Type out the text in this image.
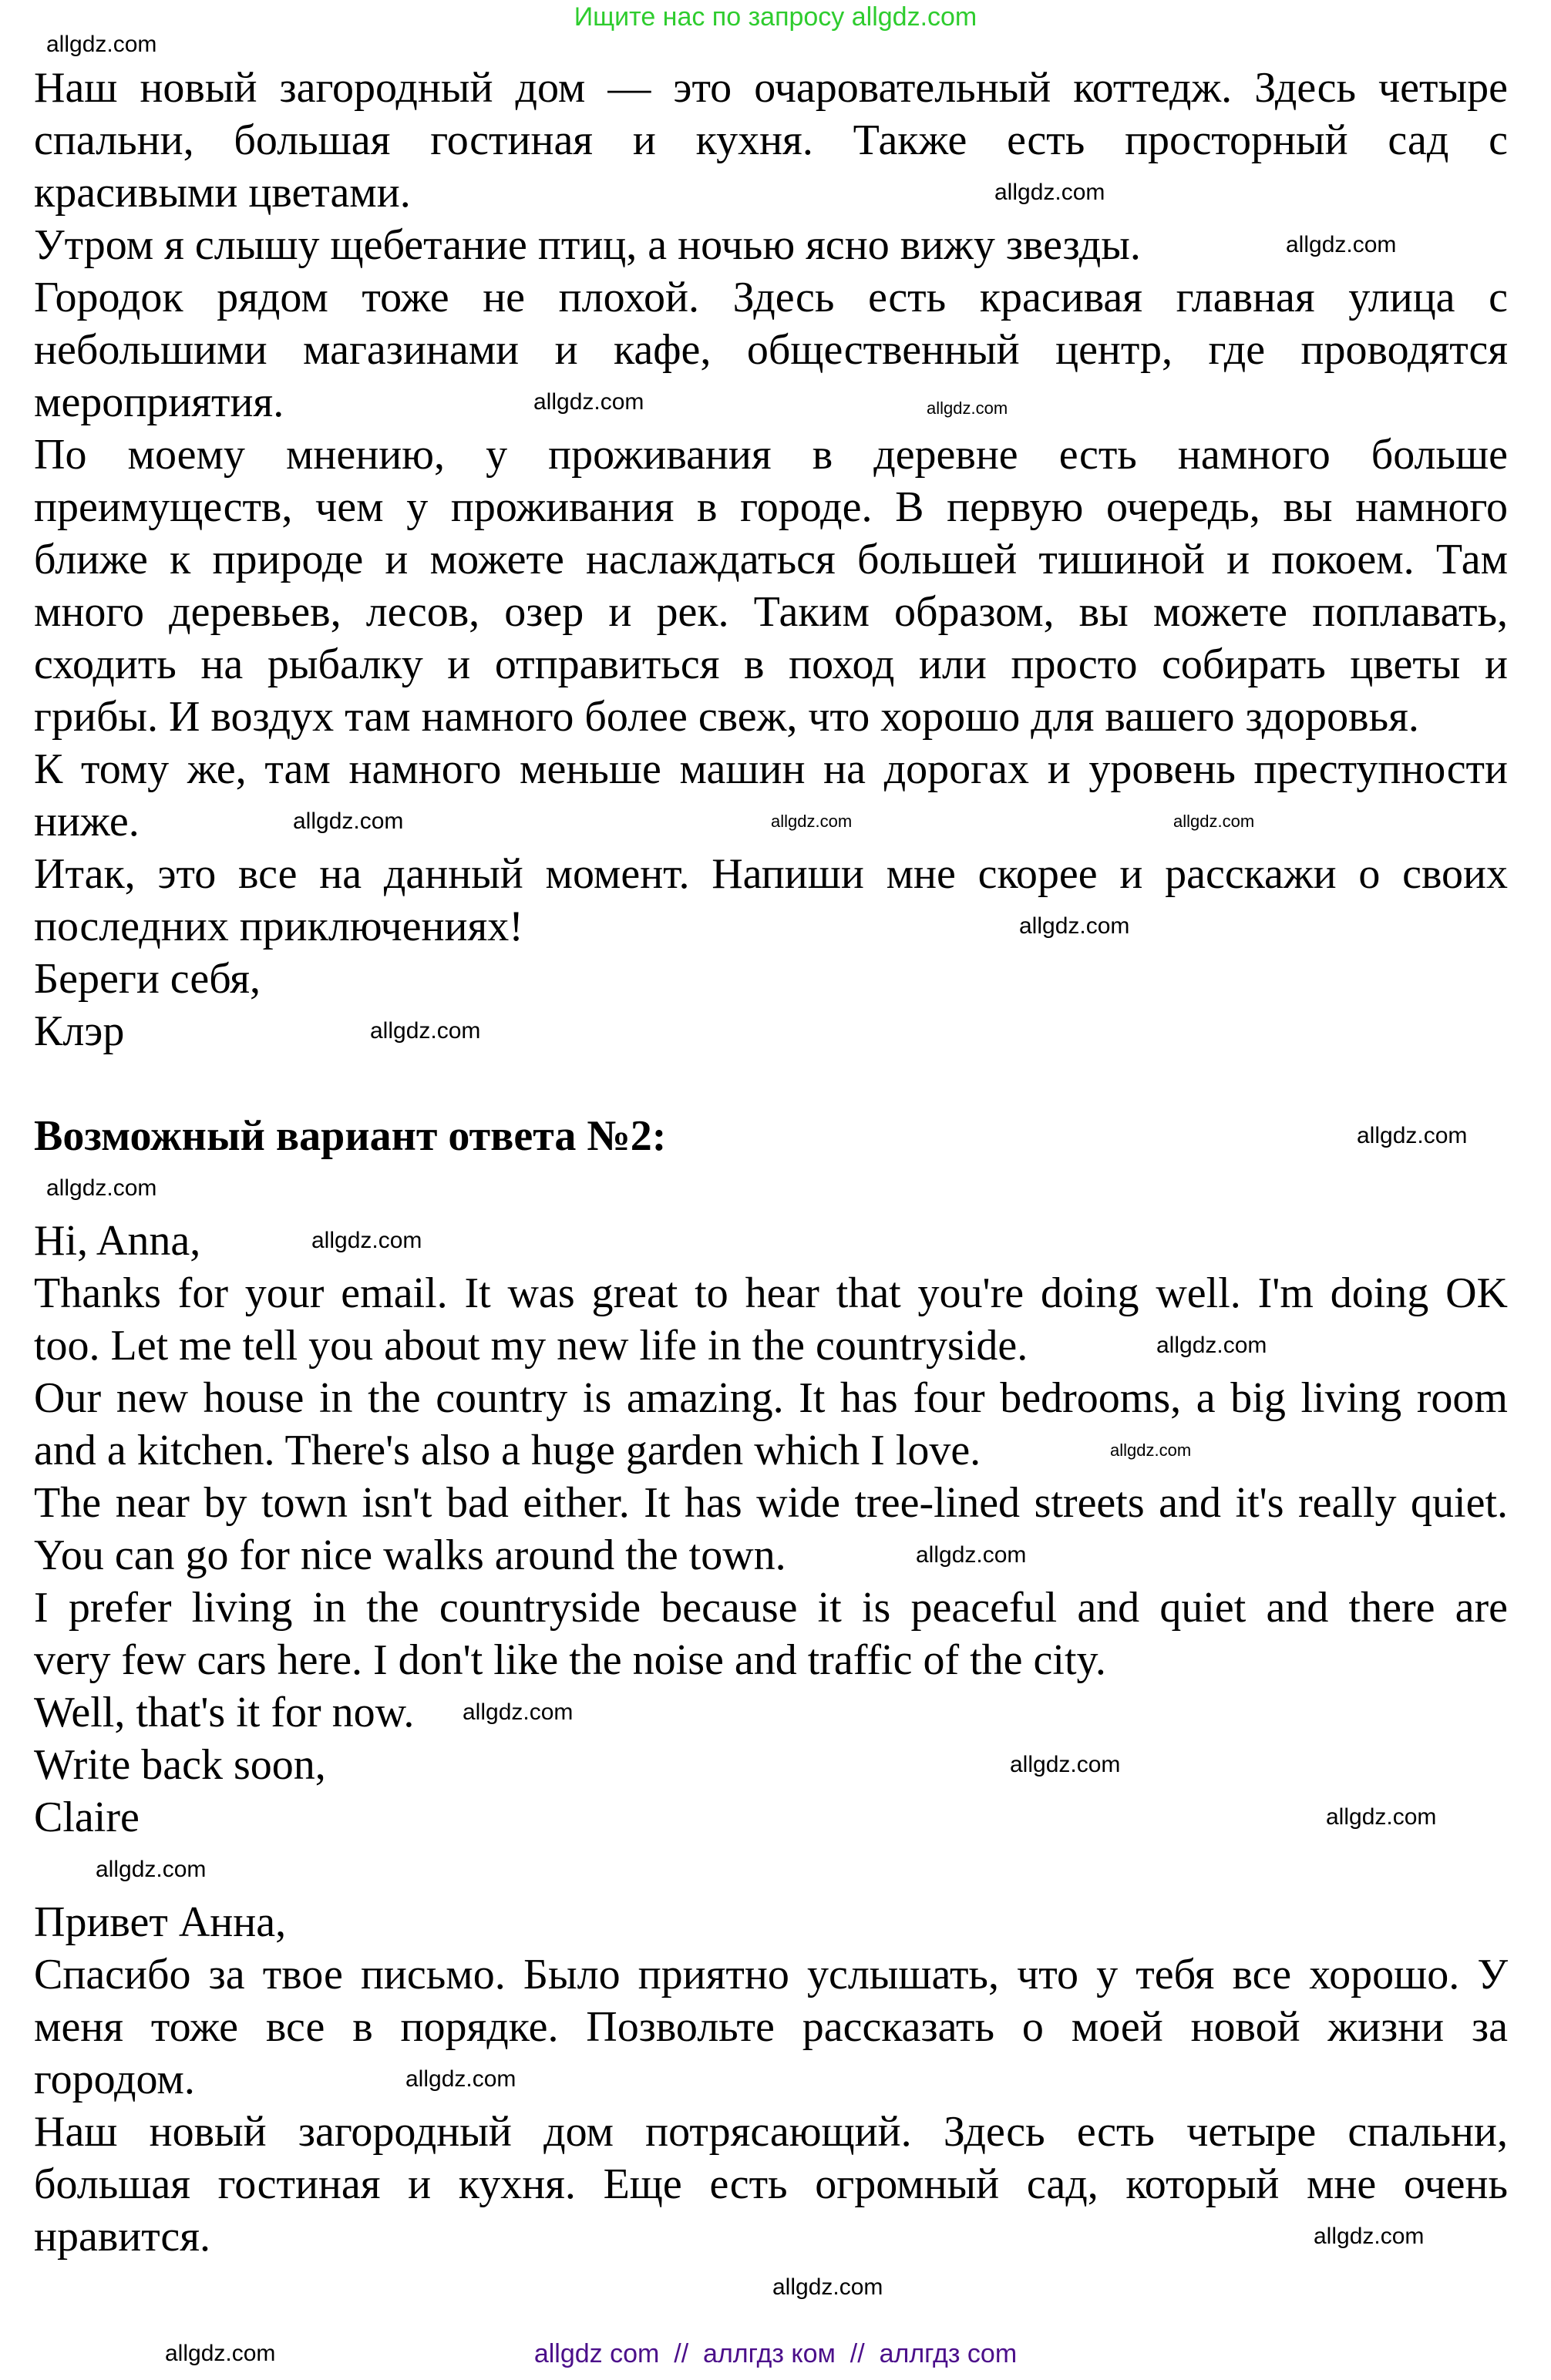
Ищите нас по запросу allgdz.com
Наш новый загородный дом — это очаровательный коттедж. Здесь четыре
спальни, большая гостиная и кухня. Также есть просторный сад с
красивыми цветами.
Утром я слышу щебетание птиц, а ночью ясно вижу звезды.
Городок рядом тоже не плохой. Здесь есть красивая главная улица с
небольшими магазинами и кафе, общественный центр, где проводятся
мероприятия.
По моему мнению, у проживания в деревне есть намного больше
преимуществ, чем у проживания в городе. В первую очередь, вы намного
ближе к природе и можете наслаждаться большей тишиной и покоем. Там
много деревьев, лесов, озер и рек. Таким образом, вы можете поплавать,
сходить на рыбалку и отправиться в поход или просто собирать цветы и
грибы. И воздух там намного более свеж, что хорошо для вашего здоровья.
К тому же, там намного меньше машин на дорогах и уровень преступности
ниже.
Итак, это все на данный момент. Напиши мне скорее и расскажи о своих
последних приключениях!
Береги себя,
Клэр
Возможный вариант ответа №2:
Hi, Anna,
Thanks for your email. It was great to hear that you're doing well. I'm doing OK
too. Let me tell you about my new life in the countryside.
Our new house in the country is amazing. It has four bedrooms, a big living room
and a kitchen. There's also a huge garden which I love.
The near by town isn't bad either. It has wide tree-lined streets and it's really quiet.
You can go for nice walks around the town.
I prefer living in the countryside because it is peaceful and quiet and there are
very few cars here. I don't like the noise and traffic of the city.
Well, that's it for now.
Write back soon,
Claire
Привет Анна,
Спасибо за твое письмо. Было приятно услышать, что у тебя все хорошо. У
меня тоже все в порядке. Позвольте рассказать о моей новой жизни за
городом.
Наш новый загородный дом потрясающий. Здесь есть четыре спальни,
большая гостиная и кухня. Еще есть огромный сад, который мне очень
нравится.
allgdz.com
allgdz.com
allgdz.com
allgdz.com	allgdz.com
allgdz.com	allgdz.com
allgdz.com
allgdz.com
allgdz.com
allgdz.com
allgdz.com
allgdz.com
allgdz.com
allgdz.com
allgdz.com
allgdz.com
allgdz.com
allgdz.com
allgdz.com
allgdz.com
allgdz.com
allgdz.com
allgdz.com	allgdz com  //  аллгдз ком  //  аллгдз com
